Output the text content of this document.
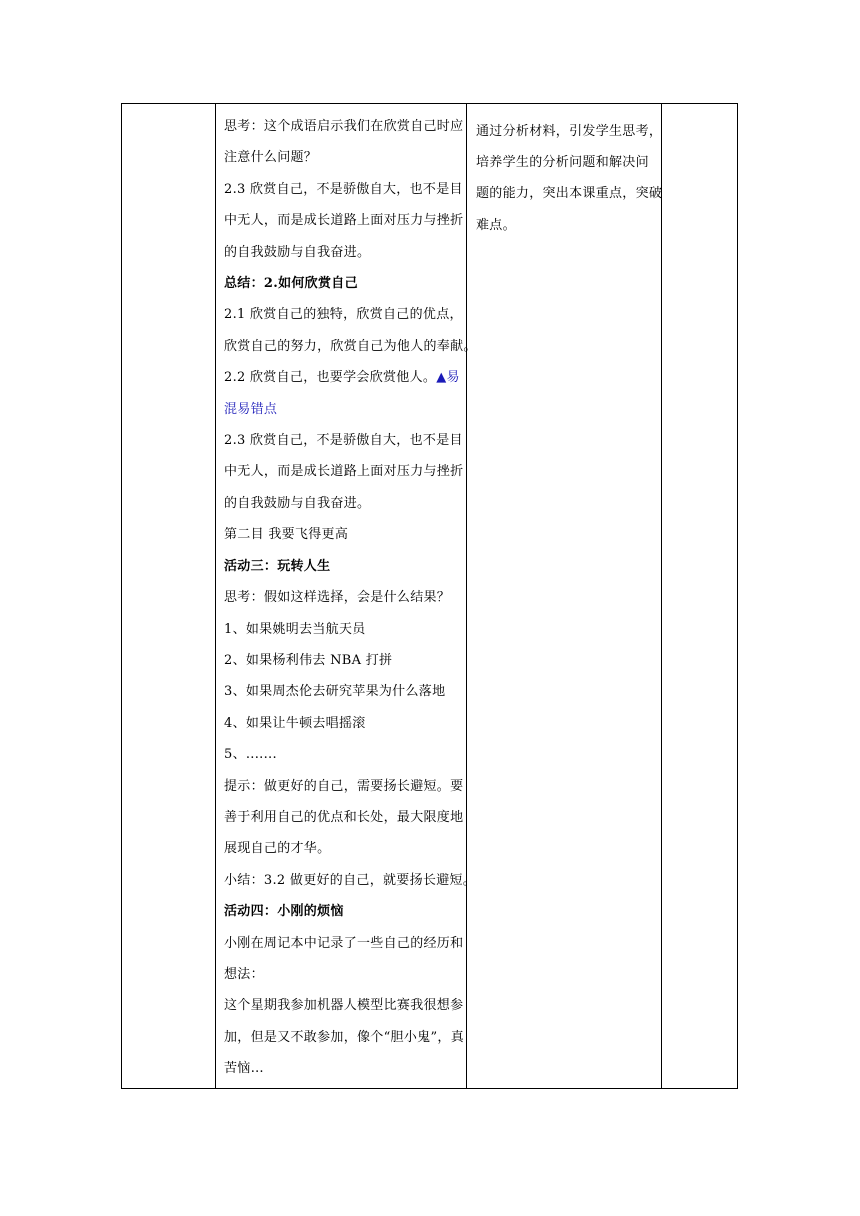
思考：这个成语启示我们在欣赏自己时应
注意什么问题？
2.3 欣赏自己，不是骄傲自大，也不是目
中无人，而是成长道路上面对压力与挫折
的自我鼓励与自我奋进。
总结：2.如何欣赏自己
2.1 欣赏自己的独特，欣赏自己的优点，
欣赏自己的努力，欣赏自己为他人的奉献。
2.2 欣赏自己，也要学会欣赏他人。▲易
混易错点
2.3 欣赏自己，不是骄傲自大，也不是目
中无人，而是成长道路上面对压力与挫折
的自我鼓励与自我奋进。
第二目 我要飞得更高
活动三：玩转人生
思考：假如这样选择，会是什么结果？
1、如果姚明去当航天员
2、如果杨利伟去 NBA 打拼
3、如果周杰伦去研究苹果为什么落地
4、如果让牛顿去唱摇滚
5、.......
提示：做更好的自己，需要扬长避短。要
善于利用自己的优点和长处，最大限度地
展现自己的才华。
小结：3.2 做更好的自己，就要扬长避短。
活动四：小刚的烦恼
小刚在周记本中记录了一些自己的经历和
想法：
这个星期我参加机器人模型比赛我很想参
加，但是又不敢参加，像个“胆小鬼”，真
苦恼…
通过分析材料，引发学生思考，
培养学生的分析问题和解决问
题的能力，突出本课重点，突破
难点。
